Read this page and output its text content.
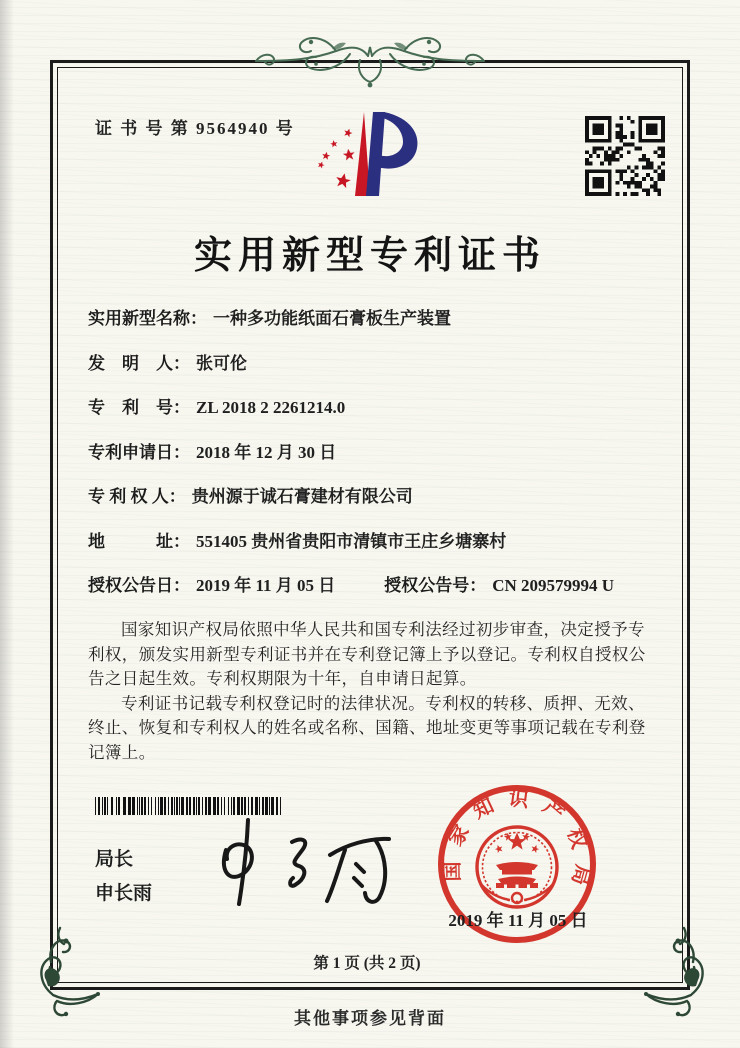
证 书 号 第 9564940 号
实用新型专利证书
实用新型名称： 一种多功能纸面石膏板生产装置
发　明　人： 张可伦
专　利　号： ZL 2018 2 2261214.0
专利申请日： 2018 年 12 月 30 日
专 利 权 人： 贵州源于诚石膏建材有限公司
地　　　址： 551405 贵州省贵阳市清镇市王庄乡塘寨村
授权公告日： 2019 年 11 月 05 日	授权公告号： CN 209579994 U

国家知识产权局依照中华人民共和国专利法经过初步审查，决定授予专利权，颁发实用新型专利证书并在专利登记簿上予以登记。专利权自授权公告之日起生效。专利权期限为十年，自申请日起算。

专利证书记载专利权登记时的法律状况。专利权的转移、质押、无效、终止、恢复和专利权人的姓名或名称、国籍、地址变更等事项记载在专利登记簿上。

局长
申长雨
国家知识产权局
2019 年 11 月 05 日
第 1 页 (共 2 页)
其他事项参见背面
